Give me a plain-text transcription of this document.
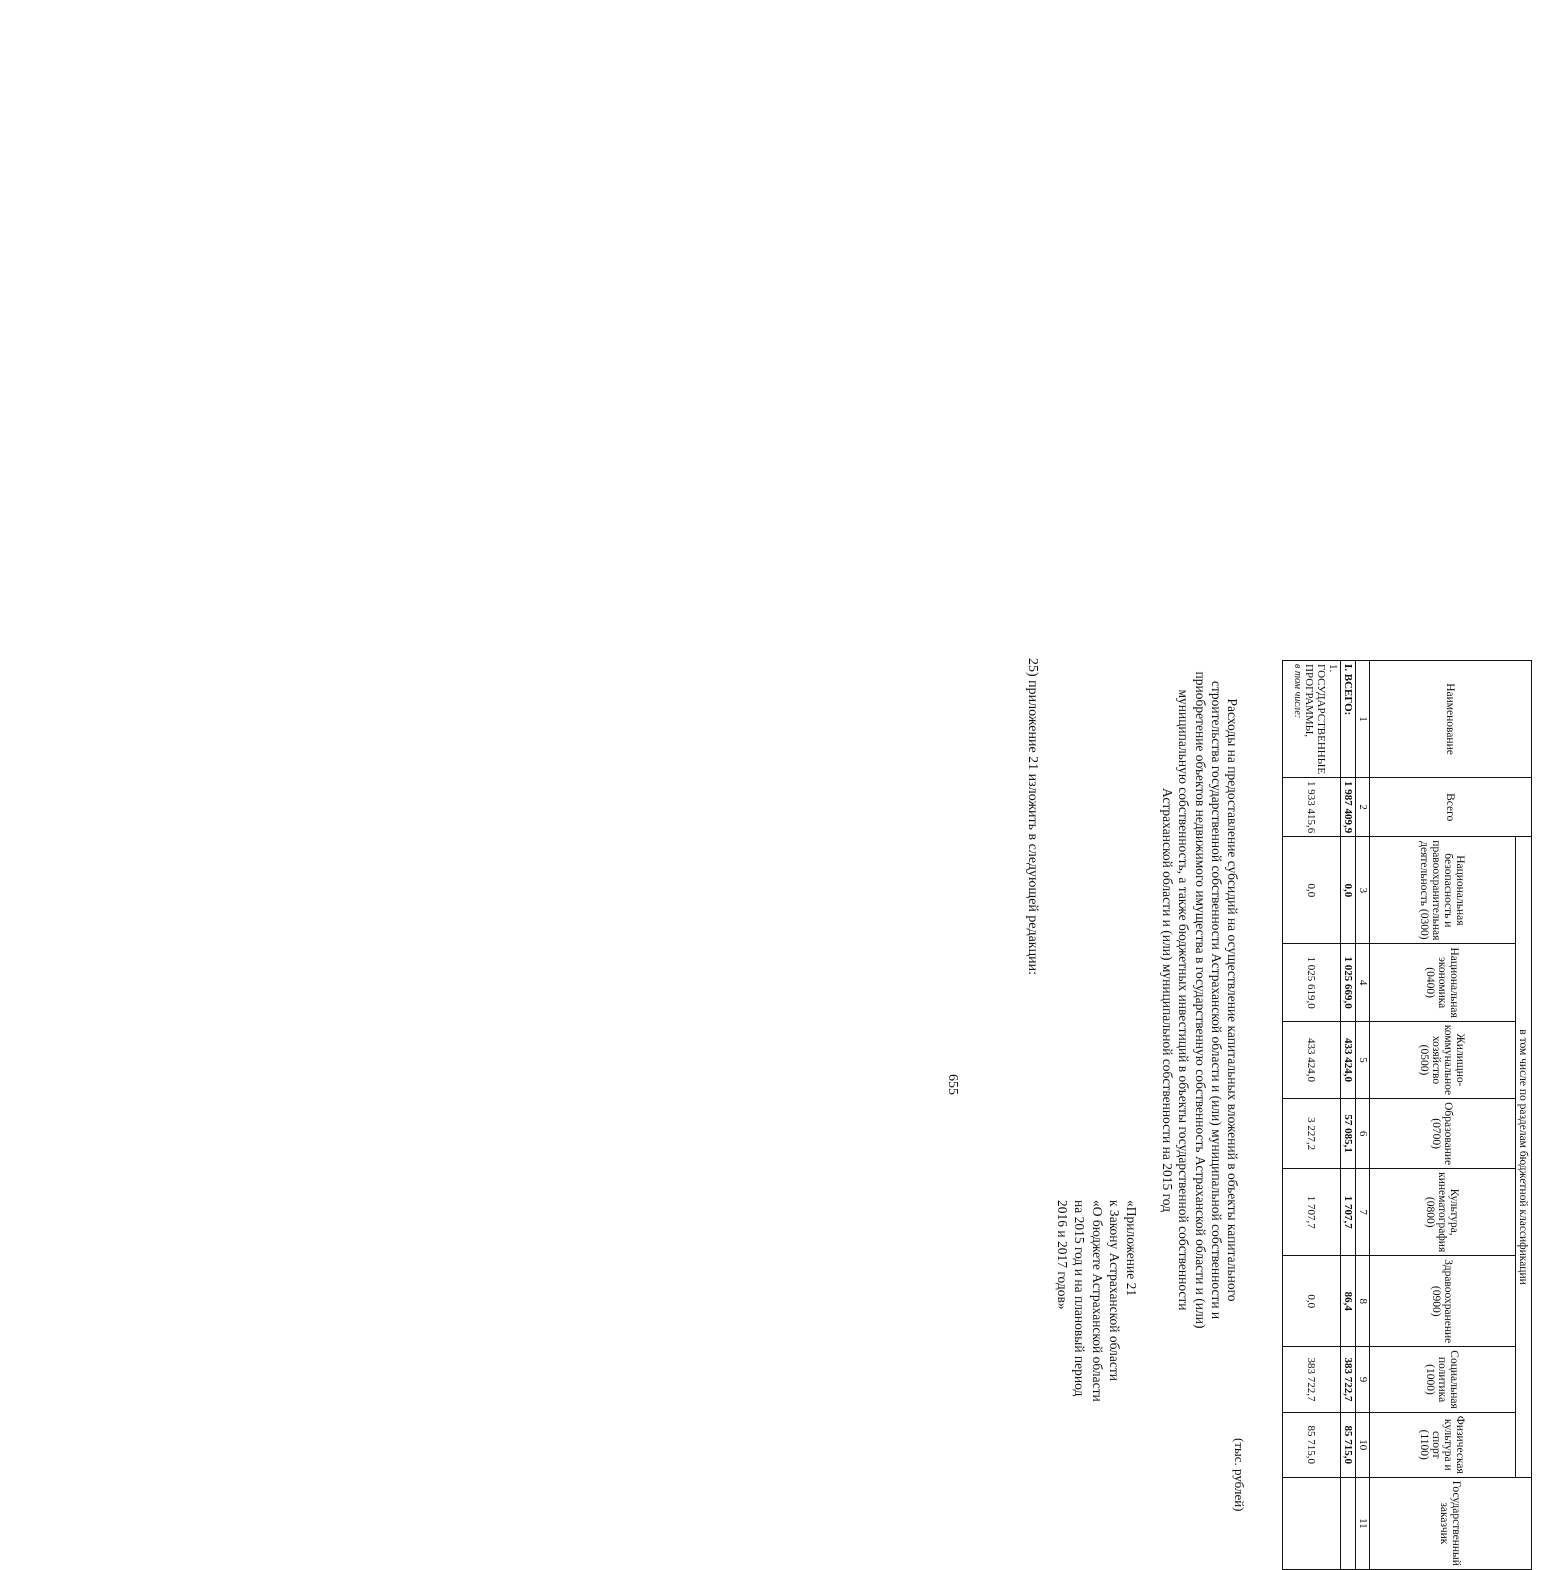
655
25) приложение 21 изложить в следующей редакции:
«Приложение 21
к Закону Астраханской области
«О бюджете Астраханской области
на 2015 год и на плановый период
2016 и 2017 годов»	Расходы на предоставление субсидий на осуществление капитальных вложений в объекты капитального строительства государственной собственности Астраханской области и (или) муниципальной собственности и приобретение объектов недвижимого имущества в государственную собственность Астраханской области и (или) муниципальную собственность, а также бюджетных инвестиций в объекты государственной собственности Астраханской области и (или) муниципальной собственности на 2015 год
(тыс. рублей)
Наименование	Всего	в том числе по разделам бюджетной классификации								Государственный заказчик
		Национальная безопасность и правоохранительная деятельность (0300)	Национальная экономика (0400)	Жилищно-коммунальное хозяйство (0500)	Образование (0700)	Культура, кинематография (0800)	Здравоохранение (0900)	Социальная политика (1000)	Физическая культура и спорт (1100)	
1	2	3	4	5	6	7	8	9	10	11
I. ВСЕГО:	1 987 409,9	0,0	1 025 669,0	433 424,0	57 085,1	1 707,7	86,4	383 722,7	85 715,0	

1. ГОСУДАРСТВЕННЫЕ ПРОГРАММЫ,
в том числе:	1 933 415,6	0,0	1 025 619,0	433 424,0	3 227,2	1 707,7	0,0	383 722,7	85 715,0	
